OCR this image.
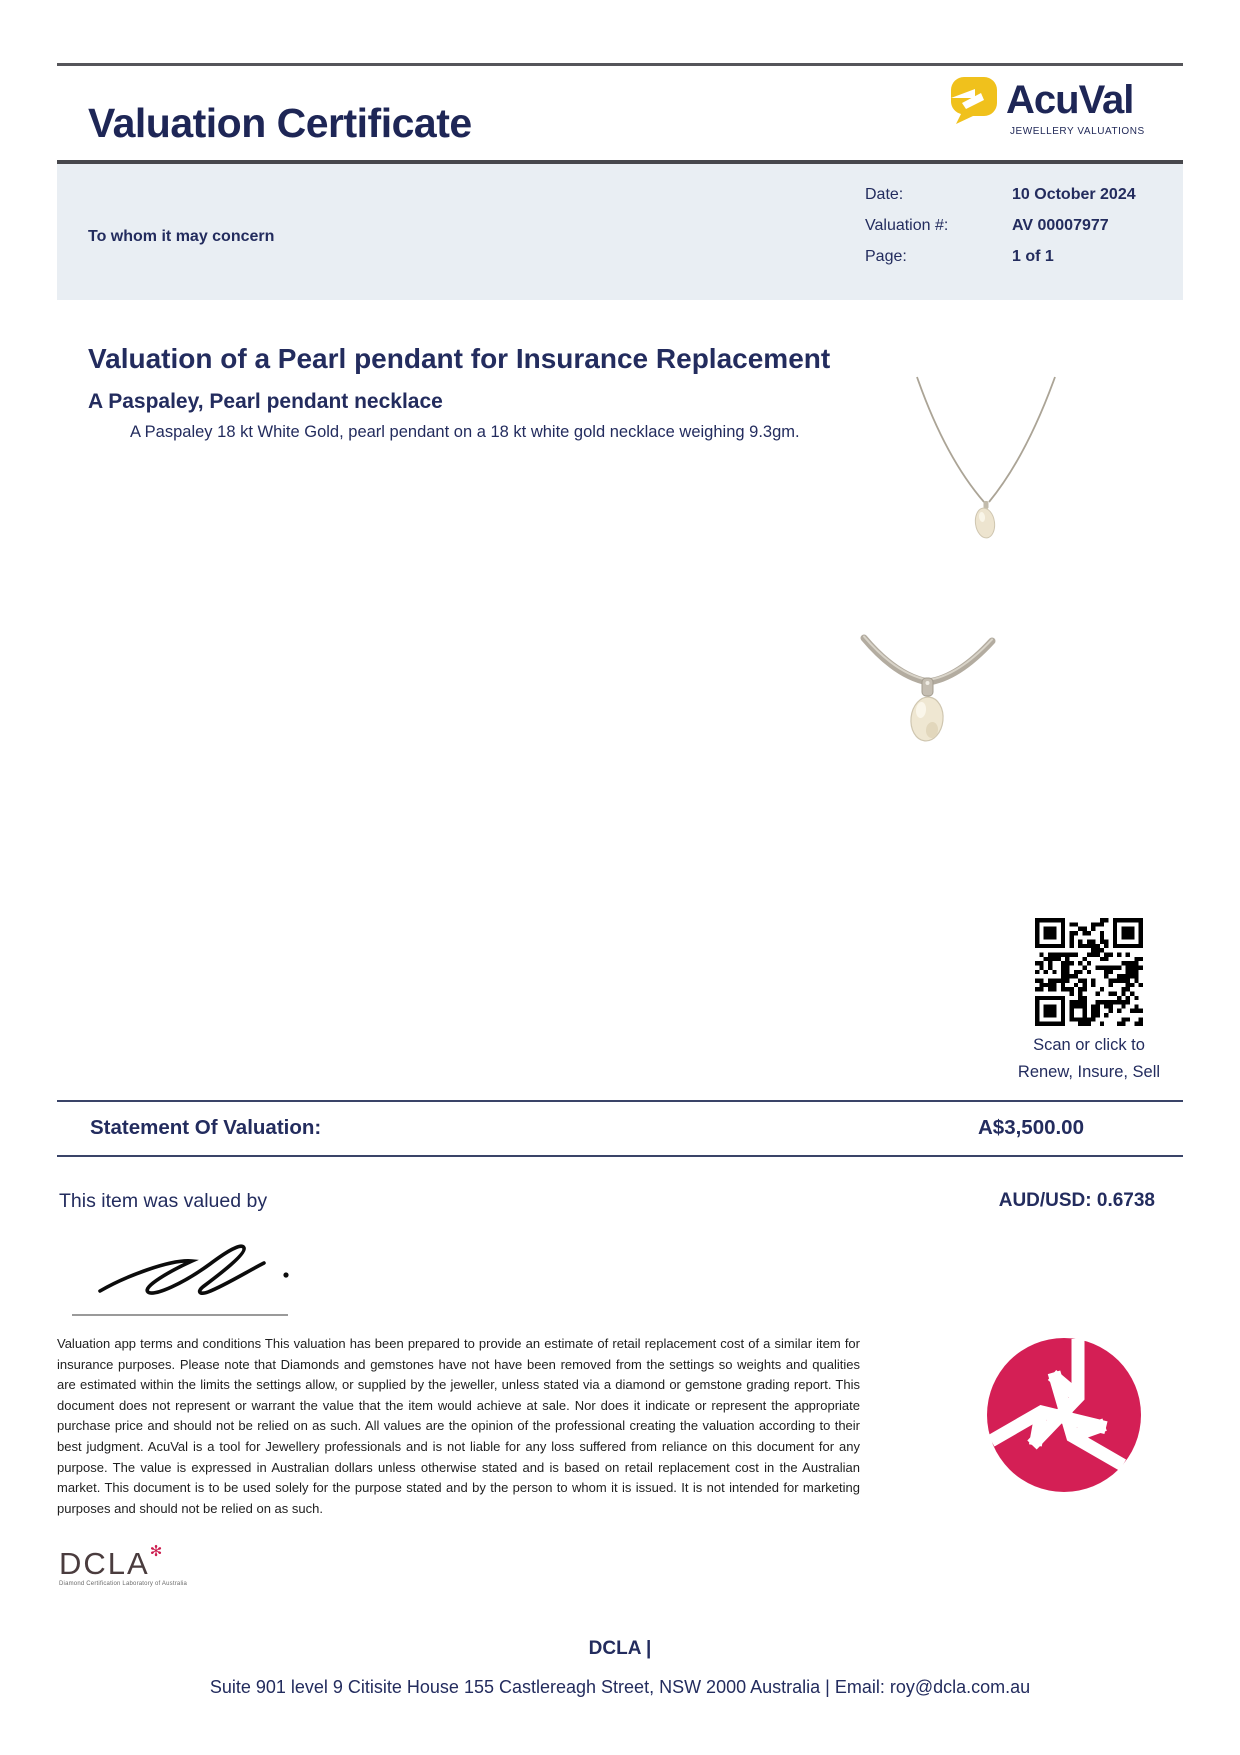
Valuation Certificate
AcuVal
JEWELLERY VALUATIONS
To whom it may concern
Date:	10 October 2024
Valuation #:	AV 00007977
Page:	1 of 1
Valuation of a Pearl pendant for Insurance Replacement
A Paspaley, Pearl pendant necklace
A Paspaley 18 kt White Gold, pearl pendant on a 18 kt white gold necklace weighing 9.3gm.
Scan or click to
Renew, Insure, Sell
Statement Of Valuation:	A$3,500.00
This item was valued by	AUD/USD: 0.6738
Valuation app terms and conditions This valuation has been prepared to provide an estimate of retail replacement cost of a similar item for insurance purposes. Please note that Diamonds and gemstones have not have been removed from the settings so weights and qualities are estimated within the limits the settings allow, or supplied by the jeweller, unless stated via a diamond or gemstone grading report. This document does not represent or warrant the value that the item would achieve at sale. Nor does it indicate or represent the appropriate purchase price and should not be relied on as such. All values are the opinion of the professional creating the valuation according to their best judgment. AcuVal is a tool for Jewellery professionals and is not liable for any loss suffered from reliance on this document for any purpose. The value is expressed in Australian dollars unless otherwise stated and is based on retail replacement cost in the Australian market. This document is to be used solely for the purpose stated and by the person to whom it is issued. It is not intended for marketing purposes and should not be relied on as such.
DCLA✻
Diamond Certification Laboratory of Australia
DCLA |
Suite 901 level 9 Citisite House 155 Castlereagh Street, NSW 2000 Australia | Email: roy@dcla.com.au
